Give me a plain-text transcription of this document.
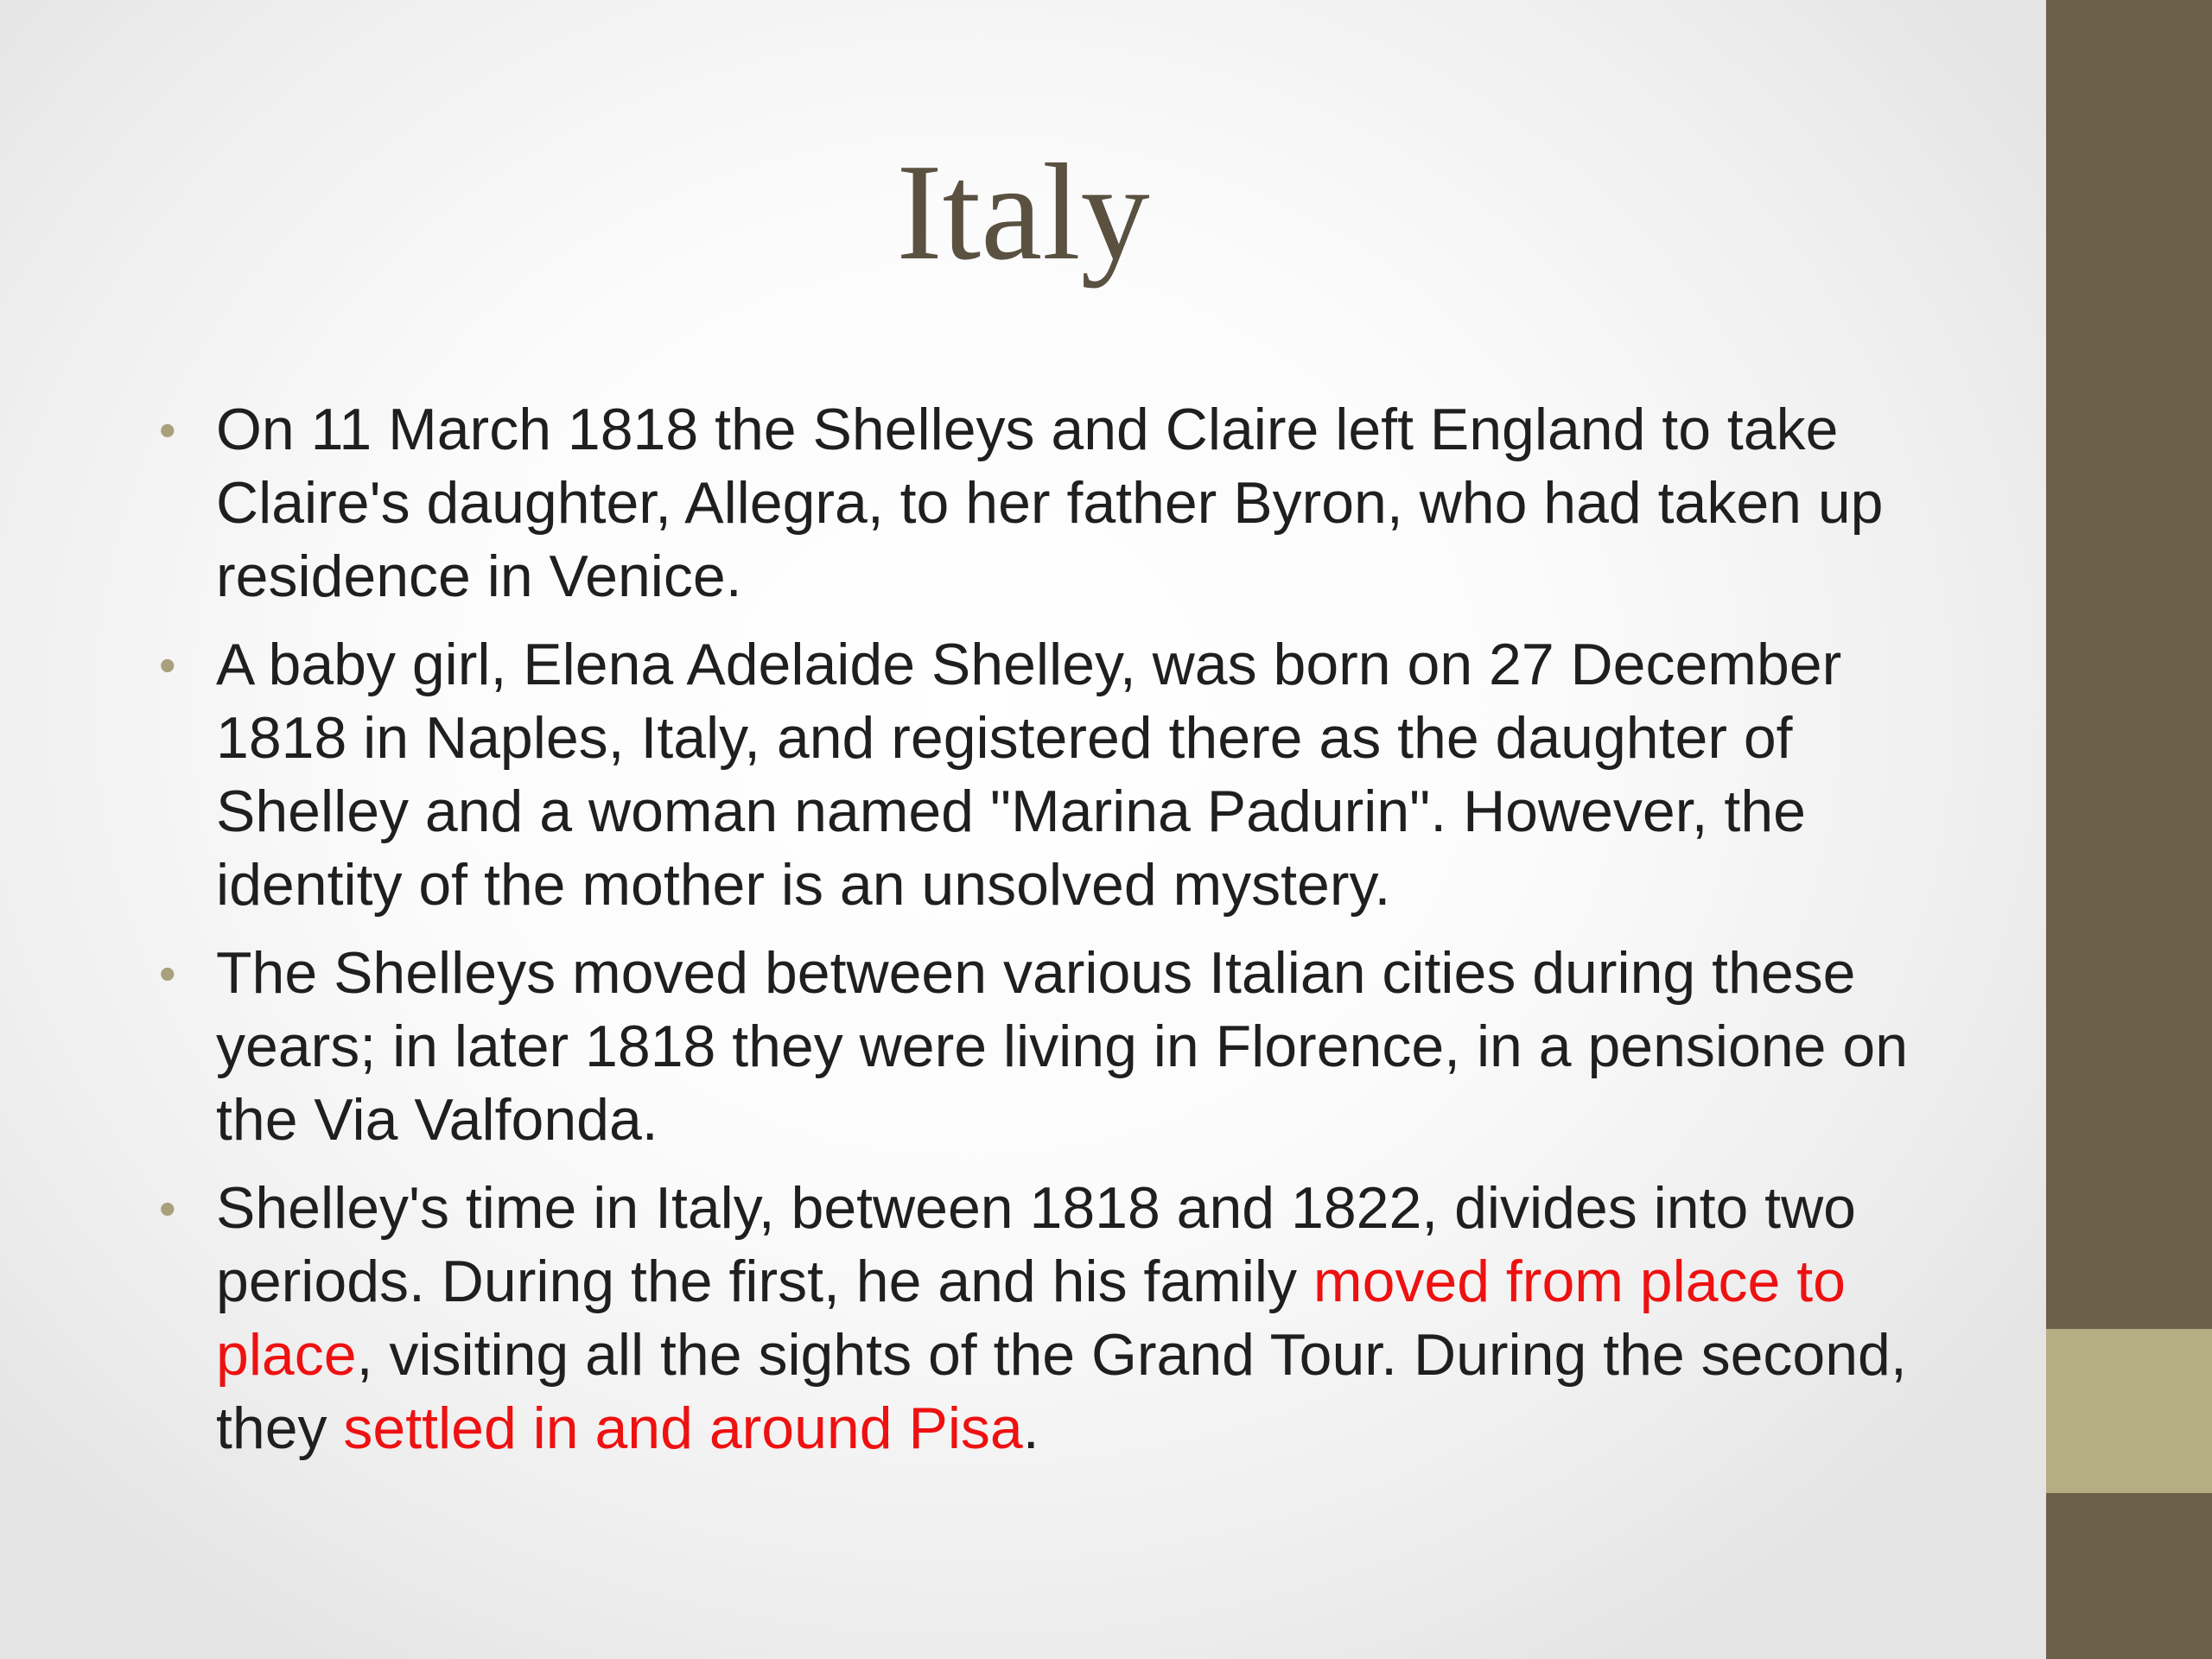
Italy
• On 11 March 1818 the Shelleys and Claire left England to take Claire's daughter, Allegra, to her father Byron, who had taken up residence in Venice.
• A baby girl, Elena Adelaide Shelley, was born on 27 December 1818 in Naples, Italy, and registered there as the daughter of Shelley and a woman named "Marina Padurin". However, the identity of the mother is an unsolved mystery.
• The Shelleys moved between various Italian cities during these years; in later 1818 they were living in Florence, in a pensione on the Via Valfonda.
• Shelley's time in Italy, between 1818 and 1822, divides into two periods. During the first, he and his family moved from place to place, visiting all the sights of the Grand Tour. During the second, they settled in and around Pisa.
